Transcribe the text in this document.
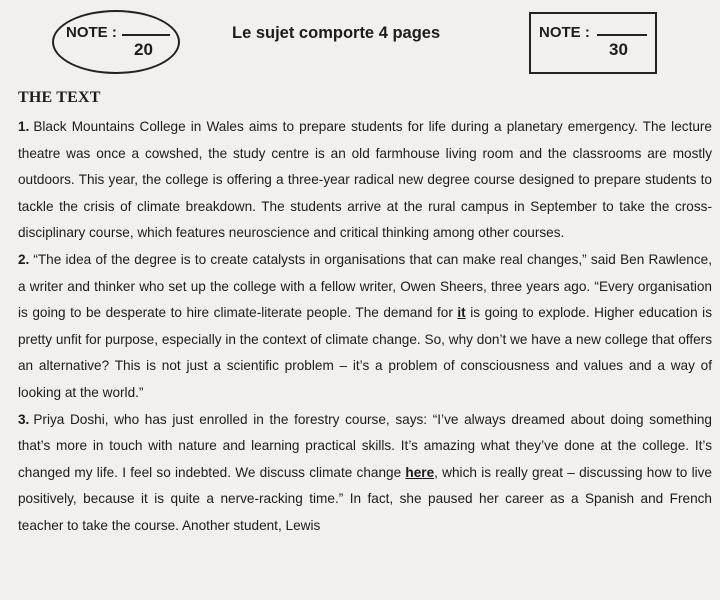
NOTE :
20
Le sujet comporte 4 pages	NOTE :
30
THE TEXT

1. Black Mountains College in Wales aims to prepare students for life during a planetary emergency. The lecture theatre was once a cowshed, the study centre is an old farmhouse living room and the classrooms are mostly outdoors. This year, the college is offering a three-year radical new degree course designed to prepare students to tackle the crisis of climate breakdown. The students arrive at the rural campus in September to take the cross-disciplinary course, which features neuroscience and critical thinking among other courses.

2. “The idea of the degree is to create catalysts in organisations that can make real changes,” said Ben Rawlence, a writer and thinker who set up the college with a fellow writer, Owen Sheers, three years ago. “Every organisation is going to be desperate to hire climate-literate people. The demand for it is going to explode. Higher education is pretty unfit for purpose, especially in the context of climate change. So, why don’t we have a new college that offers an alternative? This is not just a scientific problem – it’s a problem of consciousness and values and a way of looking at the world.”

3. Priya Doshi, who has just enrolled in the forestry course, says: “I’ve always dreamed about doing something that’s more in touch with nature and learning practical skills. It’s amazing what they’ve done at the college. It’s changed my life. I feel so indebted. We discuss climate change here, which is really great – discussing how to live positively, because it is quite a nerve-racking time.” In fact, she paused her career as a Spanish and French teacher to take the course. Another student, Lewis
